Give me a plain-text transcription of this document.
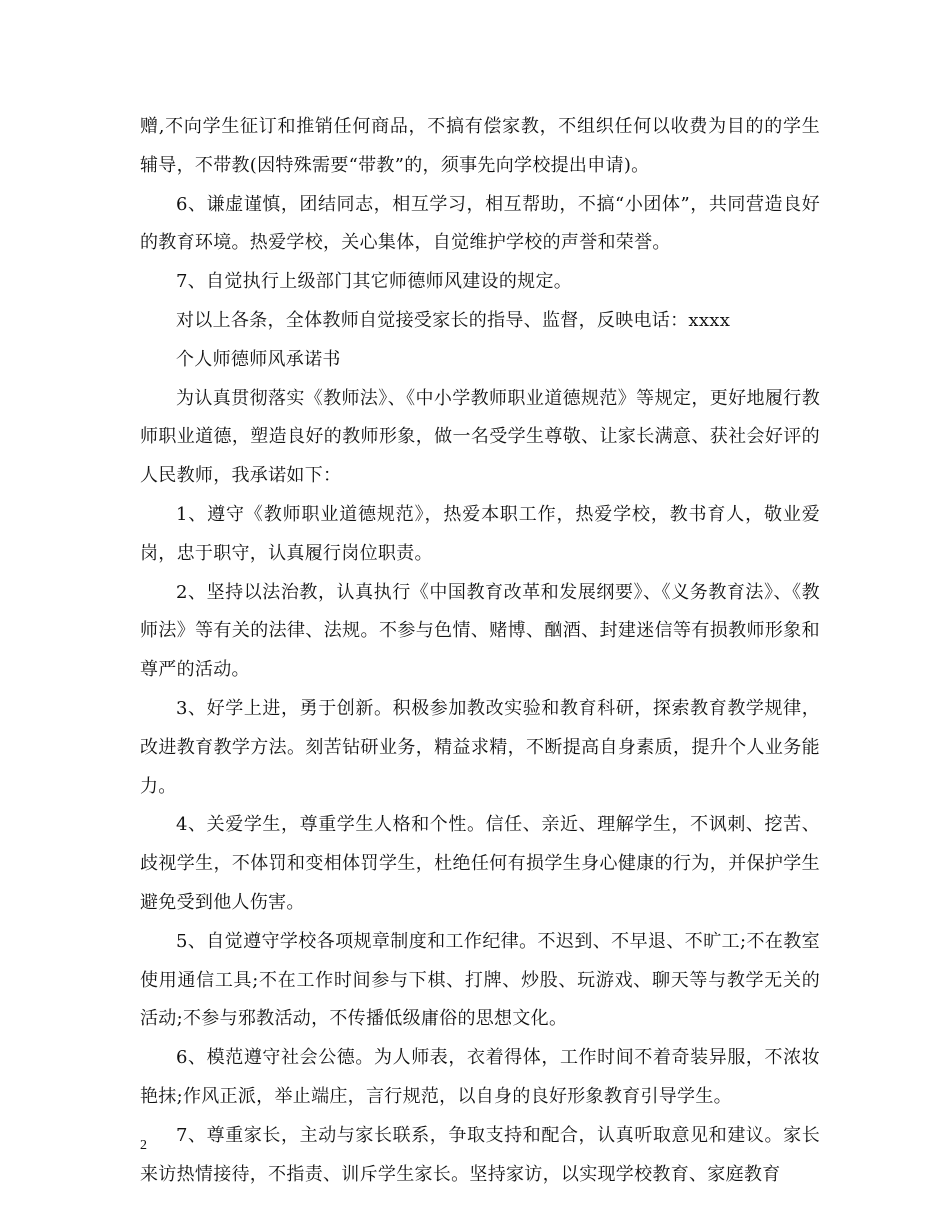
赠,不向学生征订和推销任何商品，不搞有偿家教，不组织任何以收费为目的的学生辅导，不带教(因特殊需要“带教”的，须事先向学校提出申请)。

6、谦虚谨慎，团结同志，相互学习，相互帮助，不搞“小团体”，共同营造良好的教育环境。热爱学校，关心集体，自觉维护学校的声誉和荣誉。

7、自觉执行上级部门其它师德师风建设的规定。

对以上各条，全体教师自觉接受家长的指导、监督，反映电话：xxxx

个人师德师风承诺书

为认真贯彻落实《教师法》、《中小学教师职业道德规范》等规定，更好地履行教师职业道德，塑造良好的教师形象，做一名受学生尊敬、让家长满意、获社会好评的人民教师，我承诺如下：

1、遵守《教师职业道德规范》，热爱本职工作，热爱学校，教书育人，敬业爱岗，忠于职守，认真履行岗位职责。

2、坚持以法治教，认真执行《中国教育改革和发展纲要》、《义务教育法》、《教师法》等有关的法律、法规。不参与色情、赌博、酗酒、封建迷信等有损教师形象和尊严的活动。

3、好学上进，勇于创新。积极参加教改实验和教育科研，探索教育教学规律，改进教育教学方法。刻苦钻研业务，精益求精，不断提高自身素质，提升个人业务能力。

4、关爱学生，尊重学生人格和个性。信任、亲近、理解学生，不讽刺、挖苦、歧视学生，不体罚和变相体罚学生，杜绝任何有损学生身心健康的行为，并保护学生避免受到他人伤害。

5、自觉遵守学校各项规章制度和工作纪律。不迟到、不早退、不旷工;不在教室使用通信工具;不在工作时间参与下棋、打牌、炒股、玩游戏、聊天等与教学无关的活动;不参与邪教活动，不传播低级庸俗的思想文化。

6、模范遵守社会公德。为人师表，衣着得体，工作时间不着奇装异服，不浓妆艳抹;作风正派，举止端庄，言行规范，以自身的良好形象教育引导学生。

7、尊重家长，主动与家长联系，争取支持和配合，认真听取意见和建议。家长来访热情接待，不指责、训斥学生家长。坚持家访，以实现学校教育、家庭教育

2
